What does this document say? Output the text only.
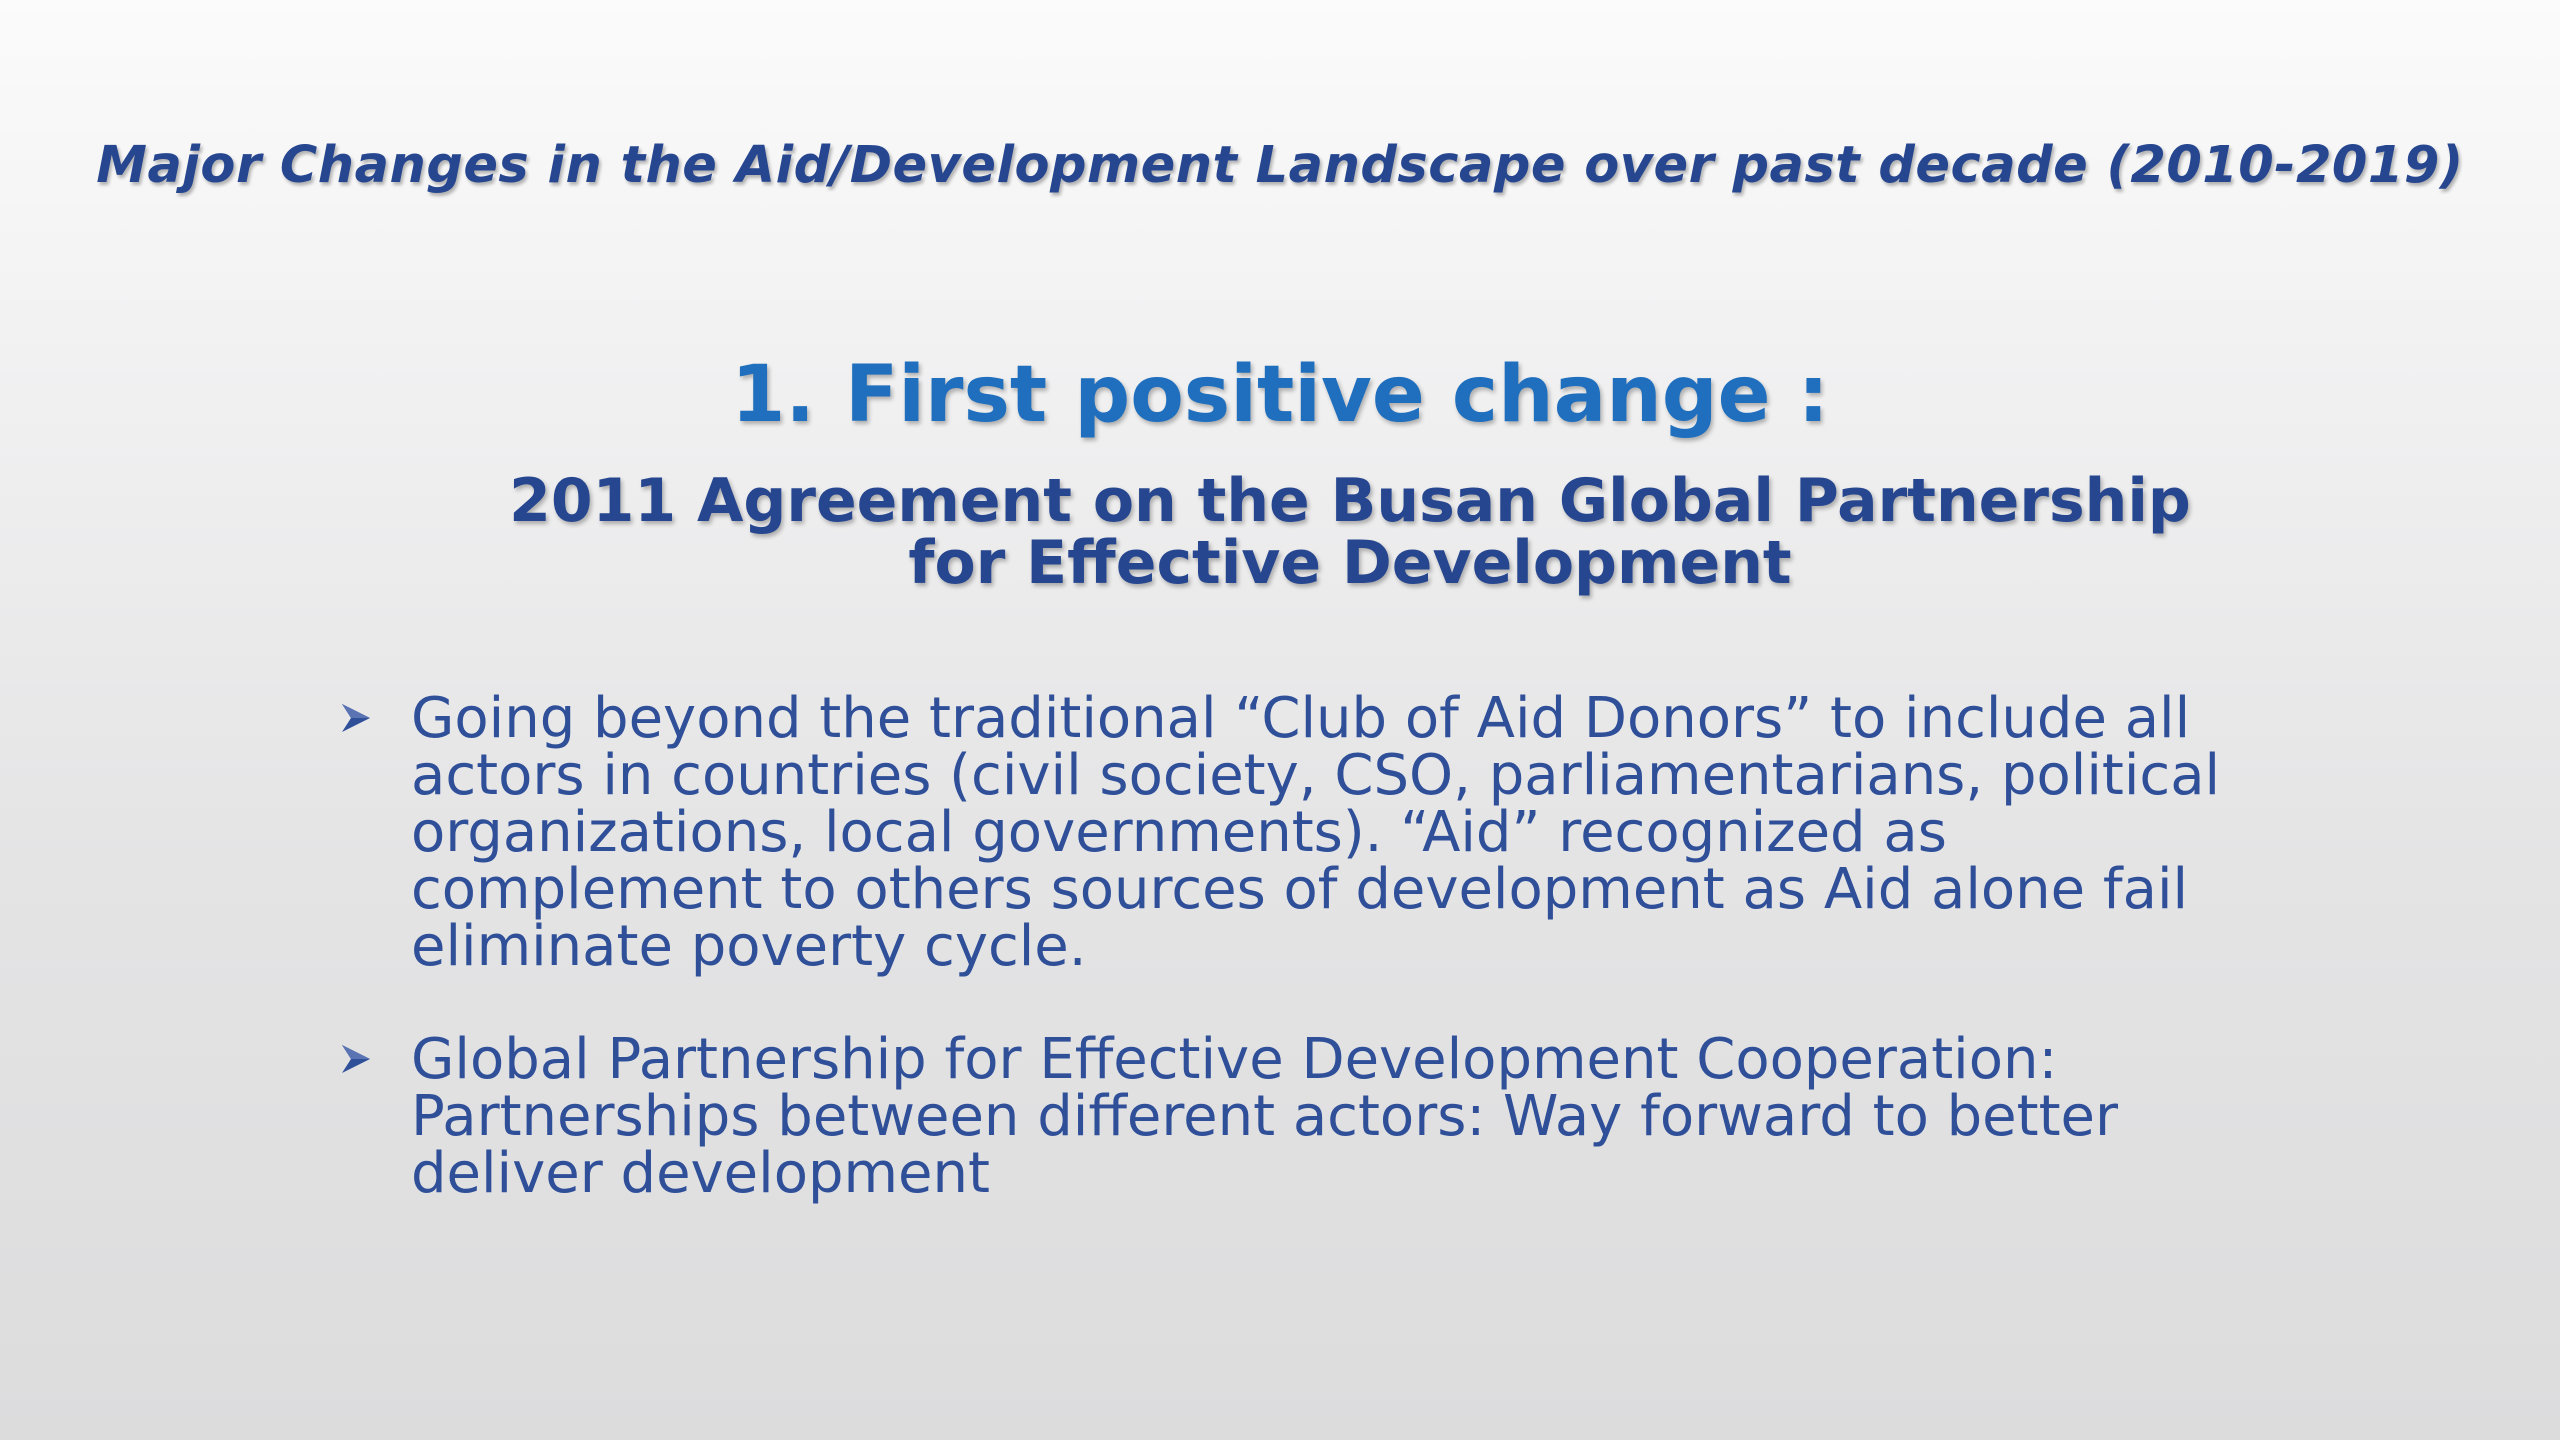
Major Changes in the Aid/Development Landscape over past decade (2010-2019)
1. First positive change :
2011 Agreement on the Busan Global Partnership for Effective Development
Going beyond the traditional “Club of Aid Donors” to include all actors in countries (civil society, CSO, parliamentarians, political organizations, local governments). “Aid” recognized as complement to others sources of development as Aid alone fail eliminate poverty cycle.
Global Partnership for Effective Development Cooperation: Partnerships between different actors: Way forward to better deliver development
